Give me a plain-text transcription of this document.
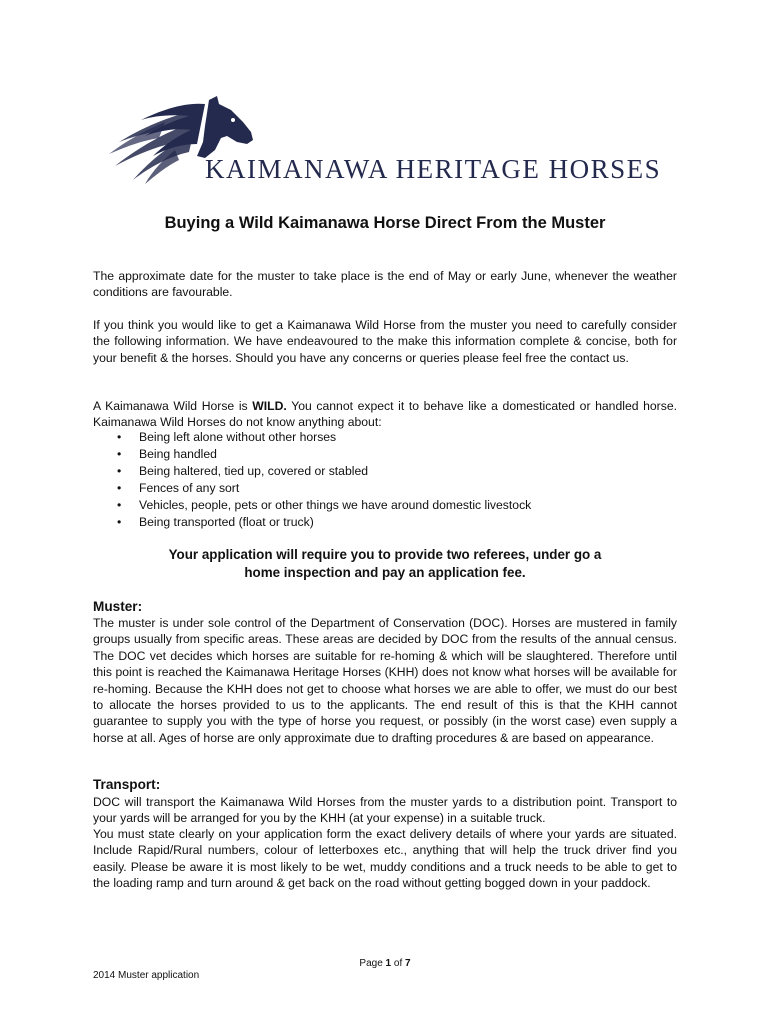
KAIMANAWA HERITAGE HORSES
Buying a Wild Kaimanawa Horse Direct From the Muster

The approximate date for the muster to take place is the end of May or early June, whenever the weather conditions are favourable.

If you think you would like to get a Kaimanawa Wild Horse from the muster you need to carefully consider the following information. We have endeavoured to the make this information complete & concise, both for your benefit & the horses. Should you have any concerns or queries please feel free the contact us.

A Kaimanawa Wild Horse is WILD. You cannot expect it to behave like a domesticated or handled horse. Kaimanawa Wild Horses do not know anything about:

• Being left alone without other horses
• Being handled
• Being haltered, tied up, covered or stabled
• Fences of any sort
• Vehicles, people, pets or other things we have around domestic livestock
• Being transported (float or truck)
Your application will require you to provide two referees, under go a
home inspection and pay an application fee.
Muster:

The muster is under sole control of the Department of Conservation (DOC). Horses are mustered in family groups usually from specific areas. These areas are decided by DOC from the results of the annual census. The DOC vet decides which horses are suitable for re-homing & which will be slaughtered. Therefore until this point is reached the Kaimanawa Heritage Horses (KHH) does not know what horses will be available for re-homing. Because the KHH does not get to choose what horses we are able to offer, we must do our best to allocate the horses provided to us to the applicants. The end result of this is that the KHH cannot guarantee to supply you with the type of horse you request, or possibly (in the worst case) even supply a horse at all. Ages of horse are only approximate due to drafting procedures & are based on appearance.

Transport:

DOC will transport the Kaimanawa Wild Horses from the muster yards to a distribution point. Transport to your yards will be arranged for you by the KHH (at your expense) in a suitable truck.

You must state clearly on your application form the exact delivery details of where your yards are situated. Include Rapid/Rural numbers, colour of letterboxes etc., anything that will help the truck driver find you easily. Please be aware it is most likely to be wet, muddy conditions and a truck needs to be able to get to the loading ramp and turn around & get back on the road without getting bogged down in your paddock.

Page 1 of 7
2014 Muster application
